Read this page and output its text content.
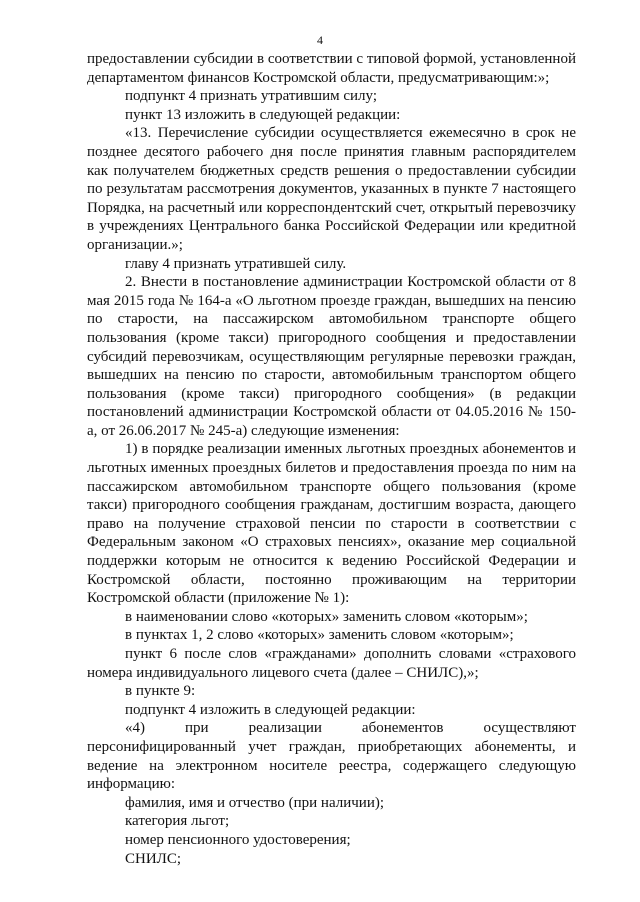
4

предоставлении субсидии в соответствии с типовой формой, установленной департаментом финансов Костромской области, предусматривающим:»;

подпункт 4 признать утратившим силу;

пункт 13 изложить в следующей редакции:

«13. Перечисление субсидии осуществляется ежемесячно в срок не позднее десятого рабочего дня после принятия главным распорядителем как получателем бюджетных средств решения о предоставлении субсидии по результатам рассмотрения документов, указанных в пункте 7 настоящего Порядка, на расчетный или корреспондентский счет, открытый перевозчику в учреждениях Центрального банка Российской Федерации или кредитной организации.»;

главу 4 признать утратившей силу.

2. Внести в постановление администрации Костромской области от 8 мая 2015 года № 164-а «О льготном проезде граждан, вышедших на пенсию по старости, на пассажирском автомобильном транспорте общего пользования (кроме такси) пригородного сообщения и предоставлении субсидий перевозчикам, осуществляющим регулярные перевозки граждан, вышедших на пенсию по старости, автомобильным транспортом общего пользования (кроме такси) пригородного сообщения» (в редакции постановлений администрации Костромской области от 04.05.2016 № 150-а, от 26.06.2017 № 245-а) следующие изменения:

1) в порядке реализации именных льготных проездных абонементов и льготных именных проездных билетов и предоставления проезда по ним на пассажирском автомобильном транспорте общего пользования (кроме такси) пригородного сообщения гражданам, достигшим возраста, дающего право на получение страховой пенсии по старости в соответствии с Федеральным законом «О страховых пенсиях», оказание мер социальной поддержки которым не относится к ведению Российской Федерации и Костромской области, постоянно проживающим на территории Костромской области (приложение № 1):

в наименовании слово «которых» заменить словом «которым»;

в пунктах 1, 2 слово «которых» заменить словом «которым»;

пункт 6 после слов «гражданами» дополнить словами «страхового номера индивидуального лицевого счета (далее – СНИЛС),»;

в пункте 9:

подпункт 4 изложить в следующей редакции:

«4) при реализации абонементов осуществляют персонифицированный учет граждан, приобретающих абонементы, и ведение на электронном носителе реестра, содержащего следующую информацию:

фамилия, имя и отчество (при наличии);

категория льгот;

номер пенсионного удостоверения;

СНИЛС;
